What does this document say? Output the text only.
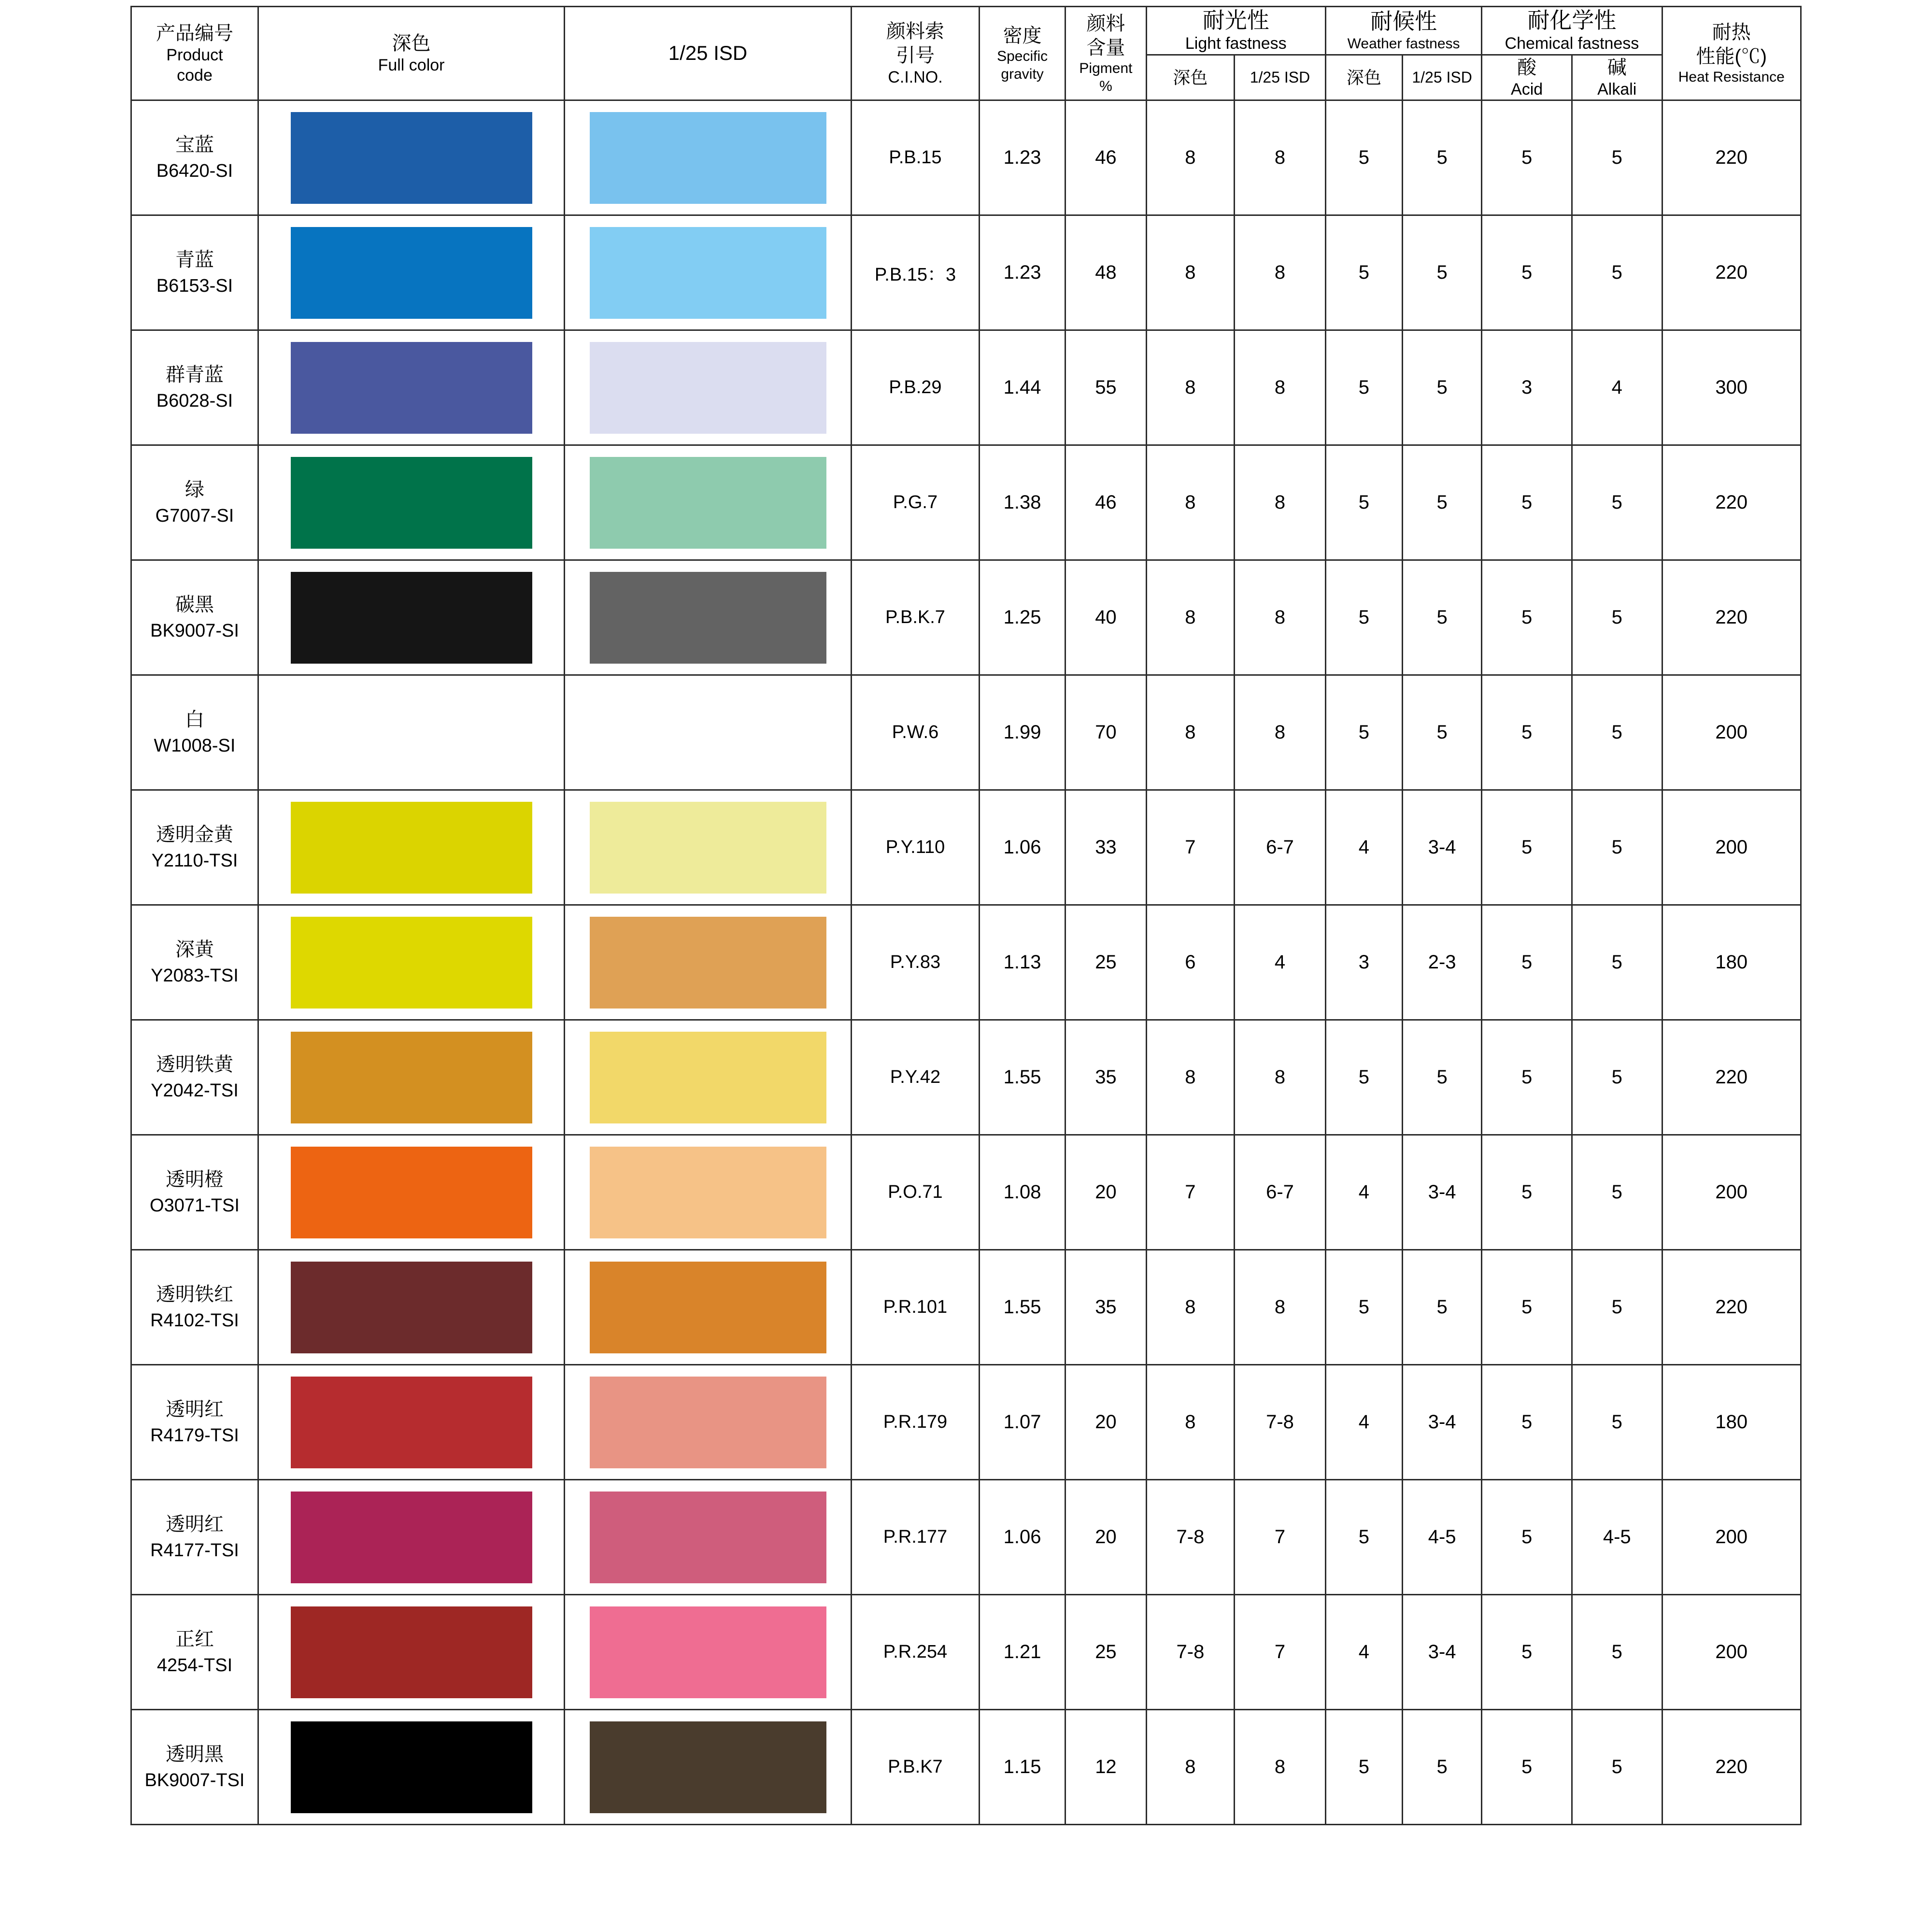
产品编号
Product
code	深色
Full color	1/25 ISD	颜料索
引号
C.I.NO.	密度
Specific
gravity	颜料
含量
Pigment
%	耐光性
Light fastness		耐候性
Weather fastness		耐化学性
Chemical fastness		耐热
性能(℃)
Heat Resistance

						深色	1/25 ISD	深色	1/25 ISD	酸
Acid	碱
Alkali	

宝蓝
B6420-SI			P.B.15	1.23	46	8	8	5	5	5	5	220

青蓝
B6153-SI			P.B.15：3	1.23	48	8	8	5	5	5	5	220

群青蓝
B6028-SI			P.B.29	1.44	55	8	8	5	5	3	4	300

绿
G7007-SI			P.G.7	1.38	46	8	8	5	5	5	5	220

碳黑
BK9007-SI			P.B.K.7	1.25	40	8	8	5	5	5	5	220

白
W1008-SI			P.W.6	1.99	70	8	8	5	5	5	5	200

透明金黄
Y2110-TSI			P.Y.110	1.06	33	7	6-7	4	3-4	5	5	200

深黄
Y2083-TSI			P.Y.83	1.13	25	6	4	3	2-3	5	5	180

透明铁黄
Y2042-TSI			P.Y.42	1.55	35	8	8	5	5	5	5	220

透明橙
O3071-TSI			P.O.71	1.08	20	7	6-7	4	3-4	5	5	200

透明铁红
R4102-TSI			P.R.101	1.55	35	8	8	5	5	5	5	220

透明红
R4179-TSI			P.R.179	1.07	20	8	7-8	4	3-4	5	5	180

透明红
R4177-TSI			P.R.177	1.06	20	7-8	7	5	4-5	5	4-5	200

正红
4254-TSI			P.R.254	1.21	25	7-8	7	4	3-4	5	5	200

透明黑
BK9007-TSI			P.B.K7	1.15	12	8	8	5	5	5	5	220
